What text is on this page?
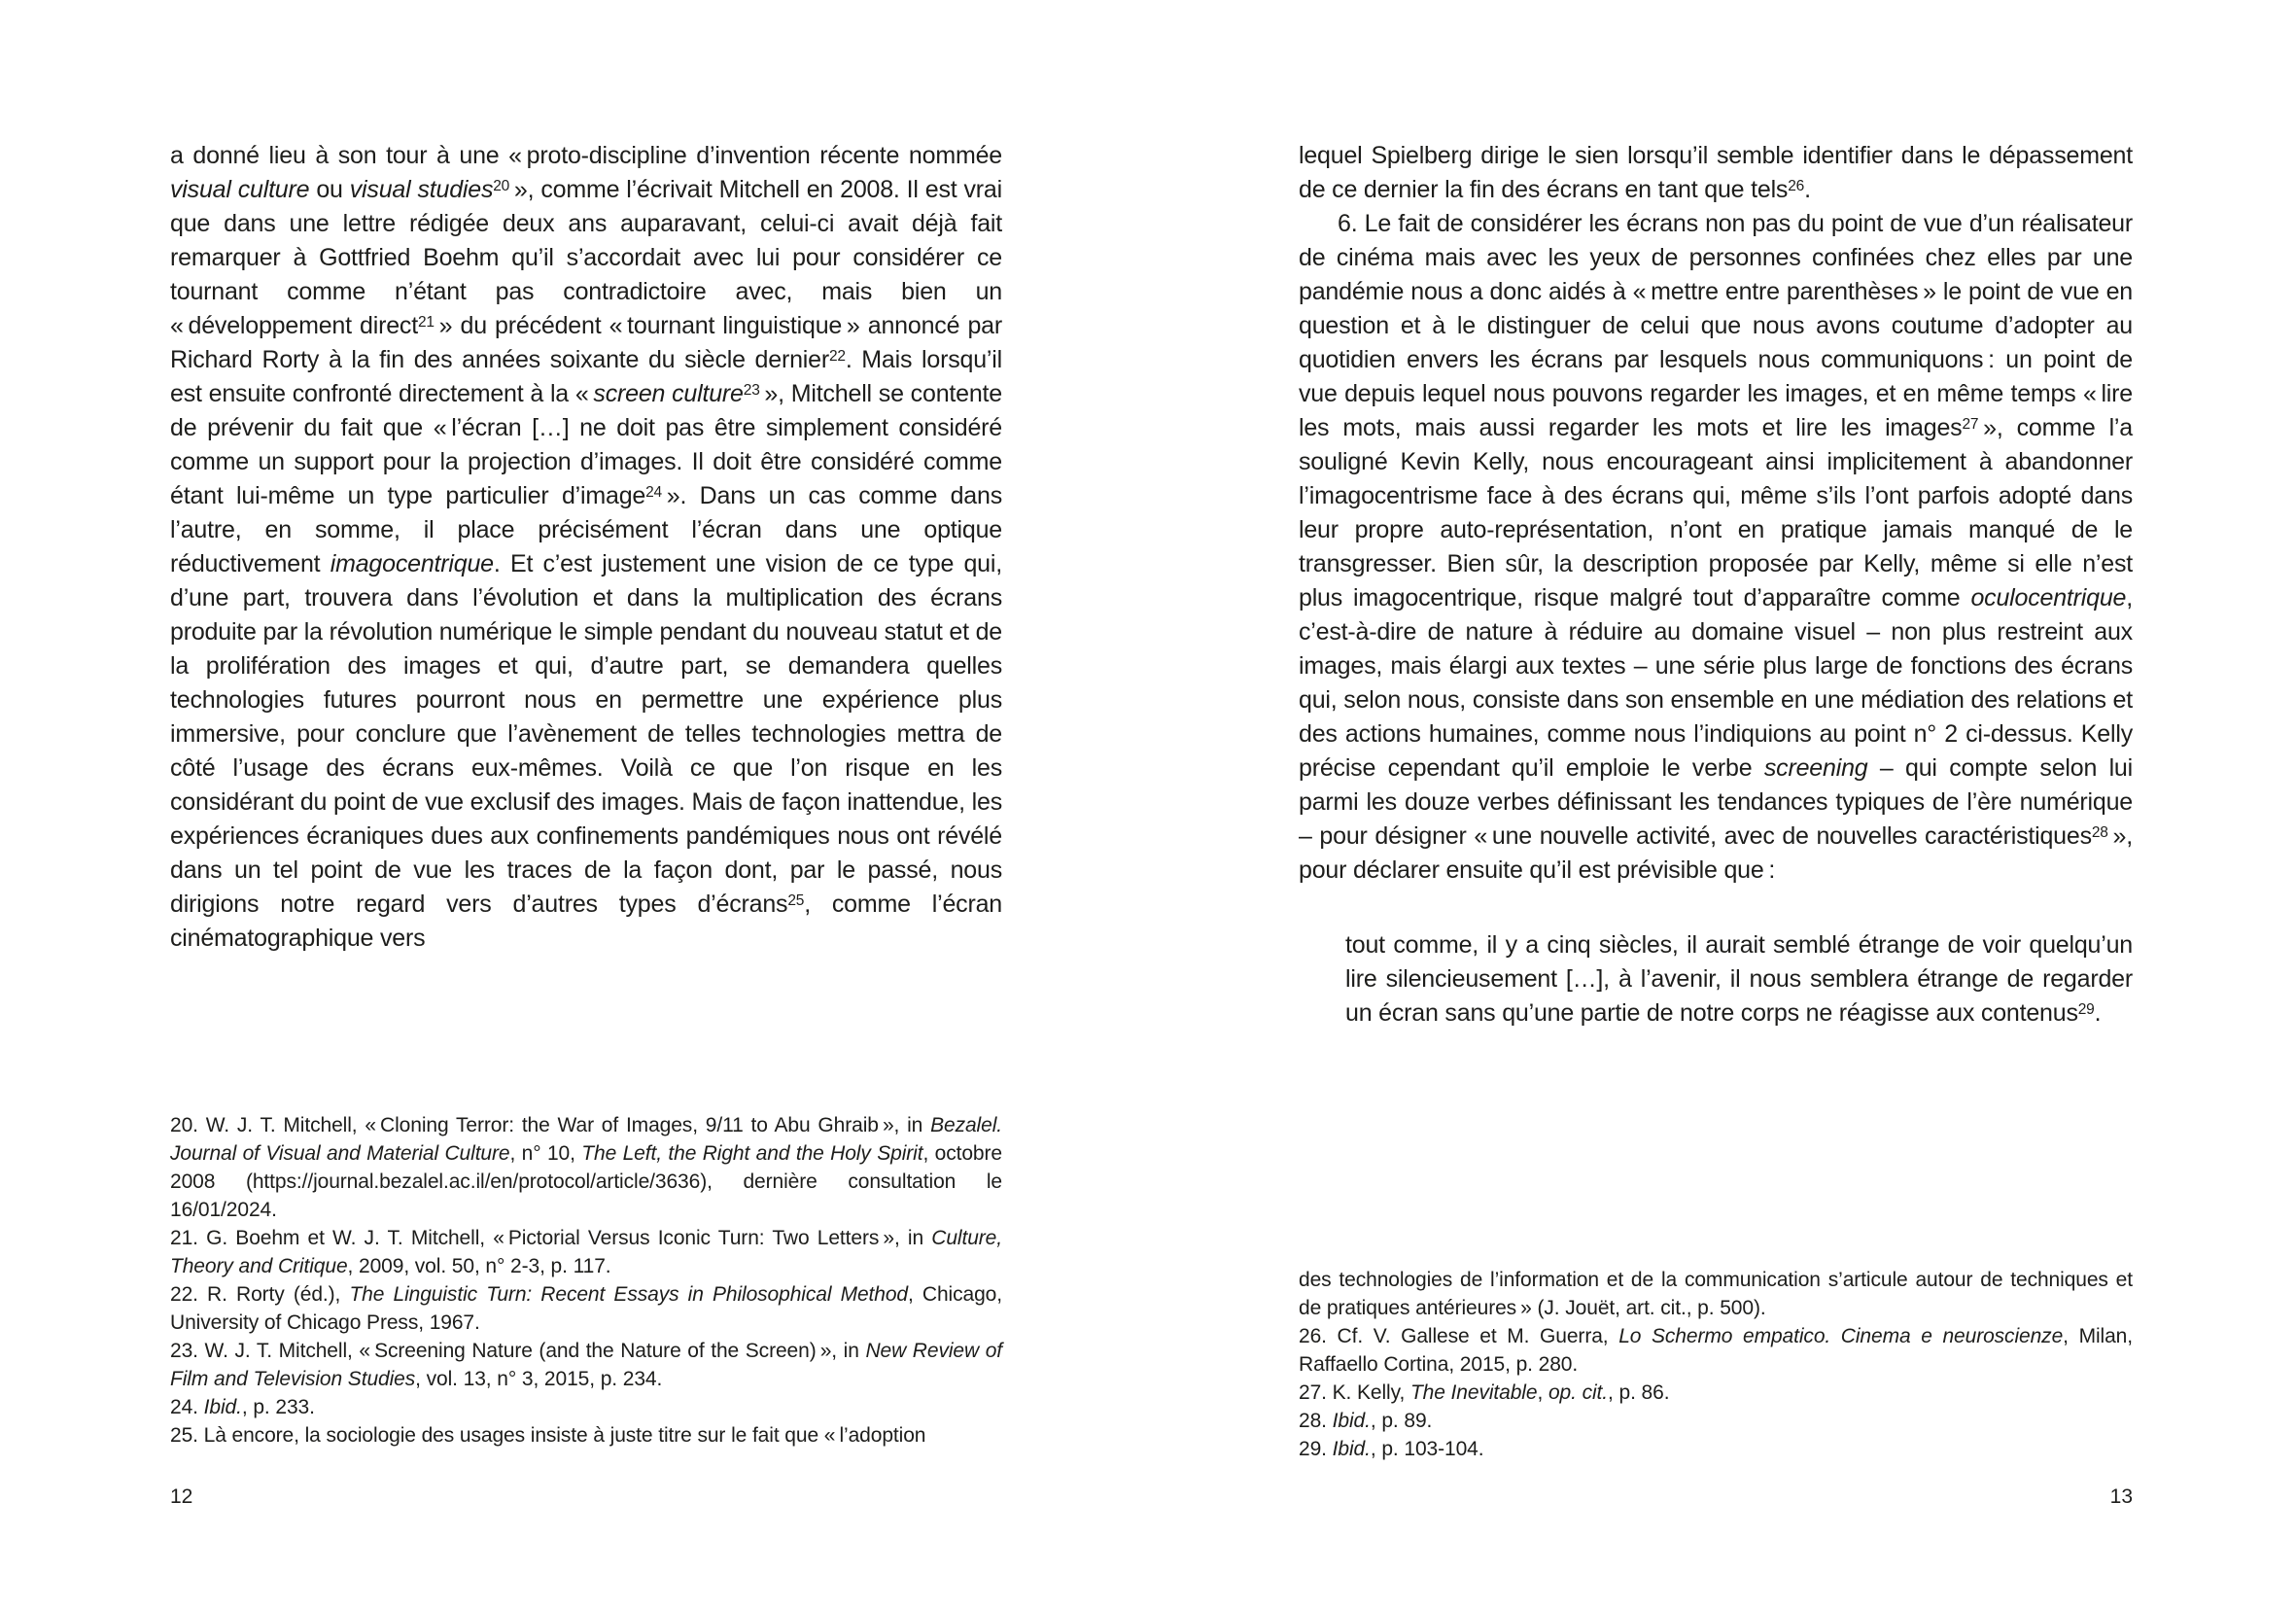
a donné lieu à son tour à une « proto-discipline d’invention récente nommée visual culture ou visual studies$^{20}$ », comme l’écrivait Mitchell en 2008. Il est vrai que dans une lettre rédigée deux ans auparavant, celui-ci avait déjà fait remarquer à Gottfried Boehm qu’il s’accordait avec lui pour considérer ce tournant comme n’étant pas contradictoire avec, mais bien un « développement direct$^{21}$ » du précédent « tournant linguistique » annoncé par Richard Rorty à la fin des années soixante du siècle dernier$^{22}$. Mais lorsqu’il est ensuite confronté directement à la « screen culture$^{23}$ », Mitchell se contente de prévenir du fait que « l’écran […] ne doit pas être simplement considéré comme un support pour la projection d’images. Il doit être considéré comme étant lui-même un type particulier d’image$^{24}$ ». Dans un cas comme dans l’autre, en somme, il place précisément l’écran dans une optique réductivement imagocentrique. Et c’est justement une vision de ce type qui, d’une part, trouvera dans l’évolution et dans la multiplication des écrans produite par la révolution numérique le simple pendant du nouveau statut et de la prolifération des images et qui, d’autre part, se demandera quelles technologies futures pourront nous en permettre une expérience plus immersive, pour conclure que l’avènement de telles technologies mettra de côté l’usage des écrans eux-mêmes. Voilà ce que l’on risque en les considérant du point de vue exclusif des images. Mais de façon inattendue, les expériences écraniques dues aux confinements pandémiques nous ont révélé dans un tel point de vue les traces de la façon dont, par le passé, nous dirigions notre regard vers d’autres types d’écrans$^{25}$, comme l’écran cinématographique vers

20. W. J. T. Mitchell, « Cloning Terror: the War of Images, 9/11 to Abu Ghraib », in Bezalel. Journal of Visual and Material Culture, n° 10, The Left, the Right and the Holy Spirit, octobre 2008 (https://journal.bezalel.ac.il/en/protocol/article/3636), dernière consultation le 16/01/2024.

21. G. Boehm et W. J. T. Mitchell, « Pictorial Versus Iconic Turn: Two Letters », in Culture, Theory and Critique, 2009, vol. 50, n° 2-3, p. 117.

22. R. Rorty (éd.), The Linguistic Turn: Recent Essays in Philosophical Method, Chicago, University of Chicago Press, 1967.

23. W. J. T. Mitchell, « Screening Nature (and the Nature of the Screen) », in New Review of Film and Television Studies, vol. 13, n° 3, 2015, p. 234.

24. Ibid., p. 233.

25. Là encore, la sociologie des usages insiste à juste titre sur le fait que « l’adoption

12

lequel Spielberg dirige le sien lorsqu’il semble identifier dans le dépassement de ce dernier la fin des écrans en tant que tels$^{26}$.

6. Le fait de considérer les écrans non pas du point de vue d’un réalisateur de cinéma mais avec les yeux de personnes confinées chez elles par une pandémie nous a donc aidés à « mettre entre parenthèses » le point de vue en question et à le distinguer de celui que nous avons coutume d’adopter au quotidien envers les écrans par lesquels nous communiquons : un point de vue depuis lequel nous pouvons regarder les images, et en même temps « lire les mots, mais aussi regarder les mots et lire les images$^{27}$ », comme l’a souligné Kevin Kelly, nous encourageant ainsi implicitement à abandonner l’imagocentrisme face à des écrans qui, même s’ils l’ont parfois adopté dans leur propre auto-représentation, n’ont en pratique jamais manqué de le transgresser. Bien sûr, la description proposée par Kelly, même si elle n’est plus imagocentrique, risque malgré tout d’apparaître comme oculocentrique, c’est-à-dire de nature à réduire au domaine visuel – non plus restreint aux images, mais élargi aux textes – une série plus large de fonctions des écrans qui, selon nous, consiste dans son ensemble en une médiation des relations et des actions humaines, comme nous l’indiquions au point n° 2 ci-dessus. Kelly précise cependant qu’il emploie le verbe screening – qui compte selon lui parmi les douze verbes définissant les tendances typiques de l’ère numérique – pour désigner « une nouvelle activité, avec de nouvelles caractéristiques$^{28}$ », pour déclarer ensuite qu’il est prévisible que :

tout comme, il y a cinq siècles, il aurait semblé étrange de voir quelqu’un lire silencieusement […], à l’avenir, il nous semblera étrange de regarder un écran sans qu’une partie de notre corps ne réagisse aux contenus$^{29}$.

des technologies de l’information et de la communication s’articule autour de techniques et de pratiques antérieures » (J. Jouët, art. cit., p. 500).

26. Cf. V. Gallese et M. Guerra, Lo Schermo empatico. Cinema e neuroscienze, Milan, Raffaello Cortina, 2015, p. 280.

27. K. Kelly, The Inevitable, op. cit., p. 86.

28. Ibid., p. 89.

29. Ibid., p. 103-104.

13
